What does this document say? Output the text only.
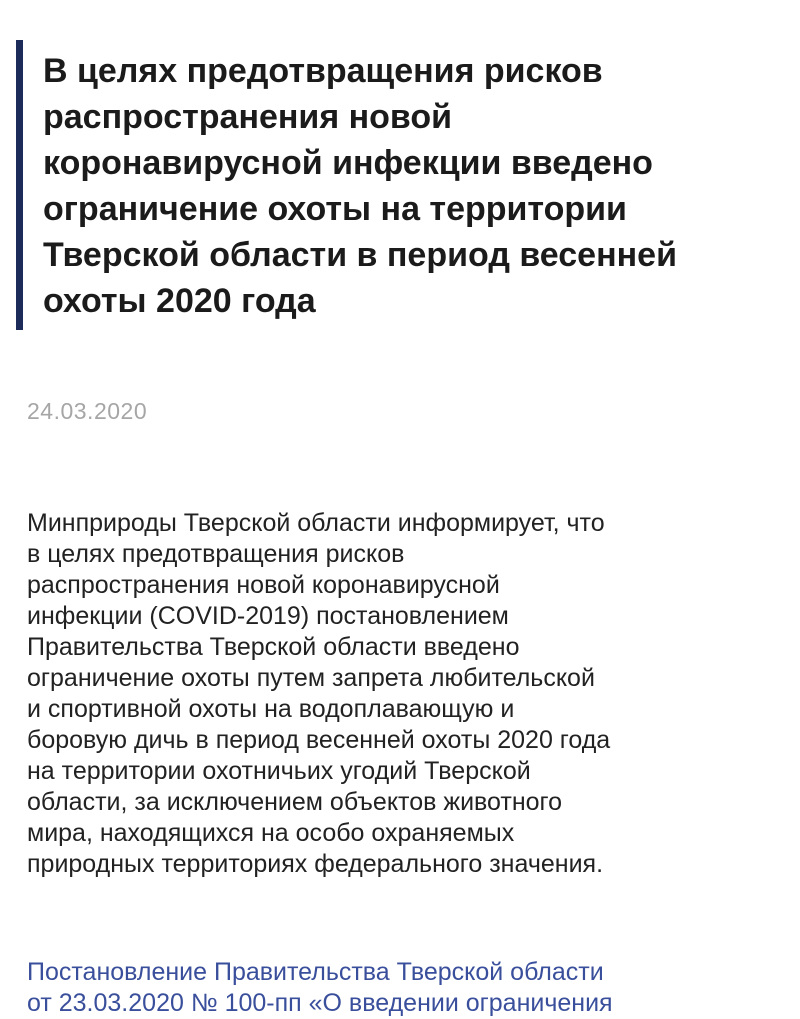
В целях предотвращения рисков
распространения новой
коронавирусной инфекции введено
ограничение охоты на территории
Тверской области в период весенней
охоты 2020 года
24.03.2020

Минприроды Тверской области информирует, что
в целях предотвращения рисков
распространения новой коронавирусной
инфекции (COVID-2019) постановлением
Правительства Тверской области введено
ограничение охоты путем запрета любительской
и спортивной охоты на водоплавающую и
боровую дичь в период весенней охоты 2020 года
на территории охотничьих угодий Тверской
области, за исключением объектов животного
мира, находящихся на особо охраняемых
природных территориях федерального значения.

Постановление Правительства Тверской области
от 23.03.2020 № 100-пп «О введении ограничения
